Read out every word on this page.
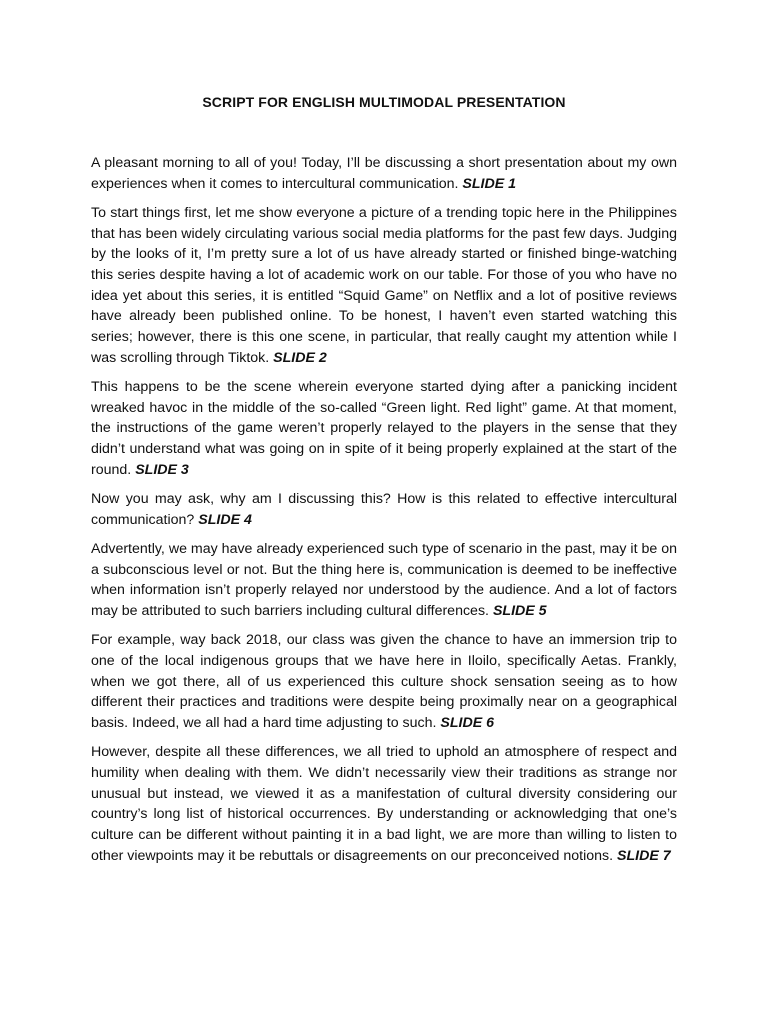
SCRIPT FOR ENGLISH MULTIMODAL PRESENTATION

A pleasant morning to all of you! Today, I’ll be discussing a short presentation about my own experiences when it comes to intercultural communication. SLIDE 1

To start things first, let me show everyone a picture of a trending topic here in the Philippines that has been widely circulating various social media platforms for the past few days. Judging by the looks of it, I’m pretty sure a lot of us have already started or finished binge-watching this series despite having a lot of academic work on our table. For those of you who have no idea yet about this series, it is entitled “Squid Game” on Netflix and a lot of positive reviews have already been published online. To be honest, I haven’t even started watching this series; however, there is this one scene, in particular, that really caught my attention while I was scrolling through Tiktok. SLIDE 2

This happens to be the scene wherein everyone started dying after a panicking incident wreaked havoc in the middle of the so-called “Green light. Red light” game. At that moment, the instructions of the game weren’t properly relayed to the players in the sense that they didn’t understand what was going on in spite of it being properly explained at the start of the round. SLIDE 3

Now you may ask, why am I discussing this? How is this related to effective intercultural communication? SLIDE 4

Advertently, we may have already experienced such type of scenario in the past, may it be on a subconscious level or not. But the thing here is, communication is deemed to be ineffective when information isn’t properly relayed nor understood by the audience. And a lot of factors may be attributed to such barriers including cultural differences. SLIDE 5

For example, way back 2018, our class was given the chance to have an immersion trip to one of the local indigenous groups that we have here in Iloilo, specifically Aetas. Frankly, when we got there, all of us experienced this culture shock sensation seeing as to how different their practices and traditions were despite being proximally near on a geographical basis. Indeed, we all had a hard time adjusting to such. SLIDE 6

However, despite all these differences, we all tried to uphold an atmosphere of respect and humility when dealing with them. We didn’t necessarily view their traditions as strange nor unusual but instead, we viewed it as a manifestation of cultural diversity considering our country’s long list of historical occurrences. By understanding or acknowledging that one’s culture can be different without painting it in a bad light, we are more than willing to listen to other viewpoints may it be rebuttals or disagreements on our preconceived notions. SLIDE 7
